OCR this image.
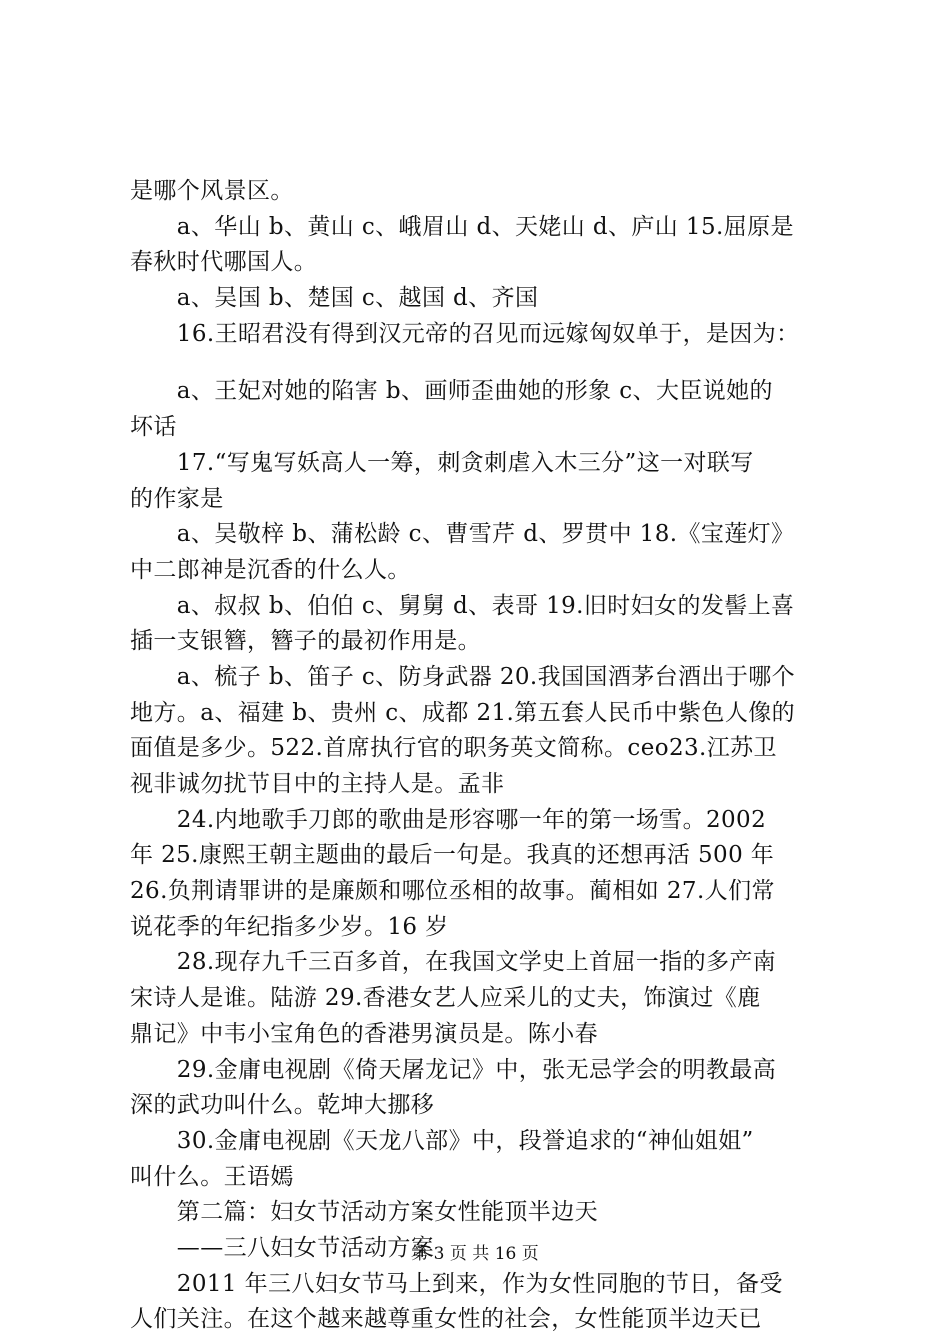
是哪个风景区。
　　a、华山 b、黄山 c、峨眉山 d、天姥山 d、庐山 15.屈原是
春秋时代哪国人。
　　a、吴国 b、楚国 c、越国 d、齐国
　　16.王昭君没有得到汉元帝的召见而远嫁匈奴单于，是因为：
　　a、王妃对她的陷害 b、画师歪曲她的形象 c、大臣说她的
坏话
　　17.“写鬼写妖高人一筹，刺贪刺虐入木三分”这一对联写
的作家是
　　a、吴敬梓 b、蒲松龄 c、曹雪芹 d、罗贯中 18.《宝莲灯》
中二郎神是沉香的什么人。
　　a、叔叔 b、伯伯 c、舅舅 d、表哥 19.旧时妇女的发髻上喜
插一支银簪，簪子的最初作用是。
　　a、梳子 b、笛子 c、防身武器 20.我国国酒茅台酒出于哪个
地方。a、福建 b、贵州 c、成都 21.第五套人民币中紫色人像的
面值是多少。522.首席执行官的职务英文简称。ceo23.江苏卫
视非诚勿扰节目中的主持人是。孟非
　　24.内地歌手刀郎的歌曲是形容哪一年的第一场雪。2002
年 25.康熙王朝主题曲的最后一句是。我真的还想再活 500 年
26.负荆请罪讲的是廉颇和哪位丞相的故事。蔺相如 27.人们常
说花季的年纪指多少岁。16 岁
　　28.现存九千三百多首，在我国文学史上首屈一指的多产南
宋诗人是谁。陆游 29.香港女艺人应采儿的丈夫，饰演过《鹿
鼎记》中韦小宝角色的香港男演员是。陈小春
　　29.金庸电视剧《倚天屠龙记》中，张无忌学会的明教最高
深的武功叫什么。乾坤大挪移
　　30.金庸电视剧《天龙八部》中，段誉追求的“神仙姐姐”
叫什么。王语嫣
　　第二篇：妇女节活动方案女性能顶半边天
　　——三八妇女节活动方案
　　2011 年三八妇女节马上到来，作为女性同胞的节日，备受
人们关注。在这个越来越尊重女性的社会，女性能顶半边天已
第 3 页 共 16 页
